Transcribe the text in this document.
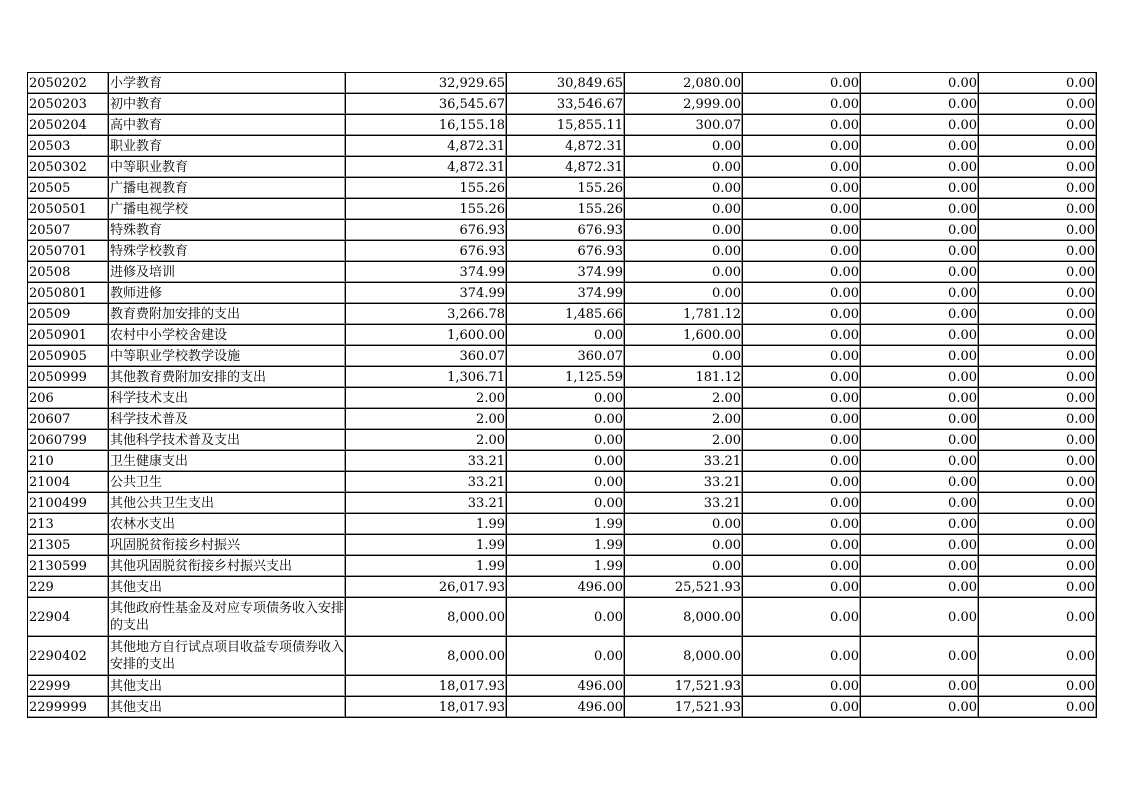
2050202	小学教育	32,929.65	30,849.65	2,080.00	0.00	0.00	0.00
2050203	初中教育	36,545.67	33,546.67	2,999.00	0.00	0.00	0.00
2050204	高中教育	16,155.18	15,855.11	300.07	0.00	0.00	0.00
20503	职业教育	4,872.31	4,872.31	0.00	0.00	0.00	0.00
2050302	中等职业教育	4,872.31	4,872.31	0.00	0.00	0.00	0.00
20505	广播电视教育	155.26	155.26	0.00	0.00	0.00	0.00
2050501	广播电视学校	155.26	155.26	0.00	0.00	0.00	0.00
20507	特殊教育	676.93	676.93	0.00	0.00	0.00	0.00
2050701	特殊学校教育	676.93	676.93	0.00	0.00	0.00	0.00
20508	进修及培训	374.99	374.99	0.00	0.00	0.00	0.00
2050801	教师进修	374.99	374.99	0.00	0.00	0.00	0.00
20509	教育费附加安排的支出	3,266.78	1,485.66	1,781.12	0.00	0.00	0.00
2050901	农村中小学校舍建设	1,600.00	0.00	1,600.00	0.00	0.00	0.00
2050905	中等职业学校教学设施	360.07	360.07	0.00	0.00	0.00	0.00
2050999	其他教育费附加安排的支出	1,306.71	1,125.59	181.12	0.00	0.00	0.00
206	科学技术支出	2.00	0.00	2.00	0.00	0.00	0.00
20607	科学技术普及	2.00	0.00	2.00	0.00	0.00	0.00
2060799	其他科学技术普及支出	2.00	0.00	2.00	0.00	0.00	0.00
210	卫生健康支出	33.21	0.00	33.21	0.00	0.00	0.00
21004	公共卫生	33.21	0.00	33.21	0.00	0.00	0.00
2100499	其他公共卫生支出	33.21	0.00	33.21	0.00	0.00	0.00
213	农林水支出	1.99	1.99	0.00	0.00	0.00	0.00
21305	巩固脱贫衔接乡村振兴	1.99	1.99	0.00	0.00	0.00	0.00
2130599	其他巩固脱贫衔接乡村振兴支出	1.99	1.99	0.00	0.00	0.00	0.00
229	其他支出	26,017.93	496.00	25,521.93	0.00	0.00	0.00
22904	其他政府性基金及对应专项债务收入安排的支出	8,000.00	0.00	8,000.00	0.00	0.00	0.00
2290402	其他地方自行试点项目收益专项债券收入安排的支出	8,000.00	0.00	8,000.00	0.00	0.00	0.00
22999	其他支出	18,017.93	496.00	17,521.93	0.00	0.00	0.00
2299999	其他支出	18,017.93	496.00	17,521.93	0.00	0.00	0.00
